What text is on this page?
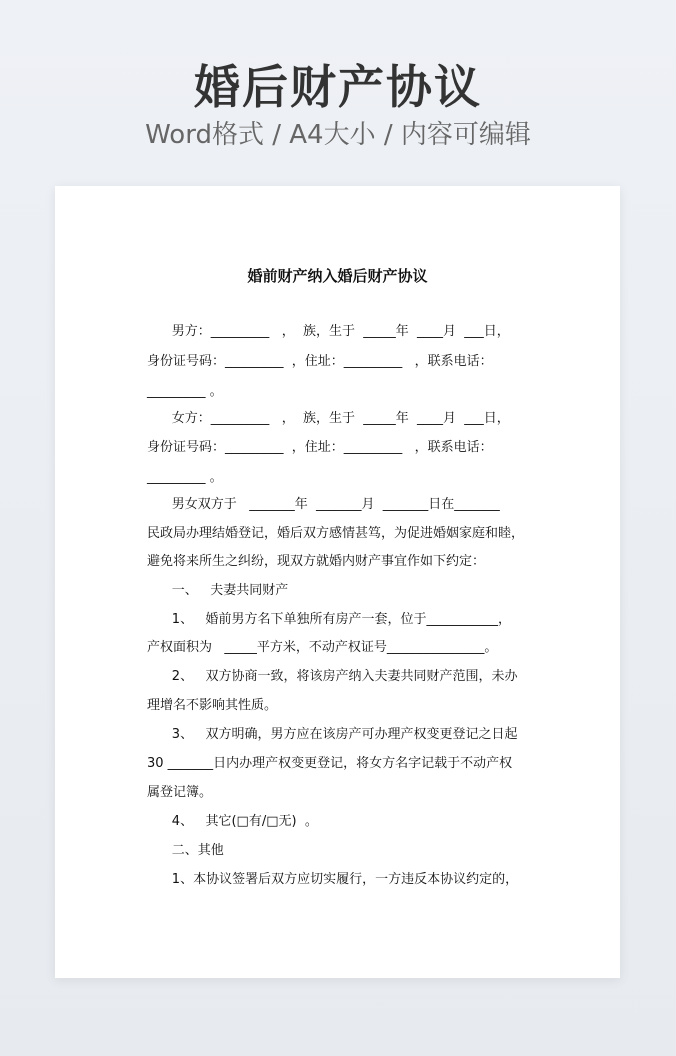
婚后财产协议
Word格式 / A4大小 / 内容可编辑
婚前财产纳入婚后财产协议
男方：_________   ，  族，生于  _____年  ____月  ___日，
身份证号码：_________  ，住址：_________   ，联系电话：
_________ 。
女方：_________   ，  族，生于  _____年  ____月  ___日，
身份证号码：_________  ，住址：_________   ，联系电话：
_________ 。
男女双方于   _______年  _______月  _______日在_______
民政局办理结婚登记，婚后双方感情甚笃，为促进婚姻家庭和睦，
避免将来所生之纠纷，现双方就婚内财产事宜作如下约定：
一、   夫妻共同财产
1、   婚前男方名下单独所有房产一套，位于___________，
产权面积为   _____平方米，不动产权证号_______________。
2、   双方协商一致，将该房产纳入夫妻共同财产范围，未办
理增名不影响其性质。
3、   双方明确，男方应在该房产可办理产权变更登记之日起
30 _______日内办理产权变更登记，将女方名字记载于不动产权
属登记簿。
4、   其它(□有/□无)  。
二、其他
1、本协议签署后双方应切实履行，一方违反本协议约定的，
